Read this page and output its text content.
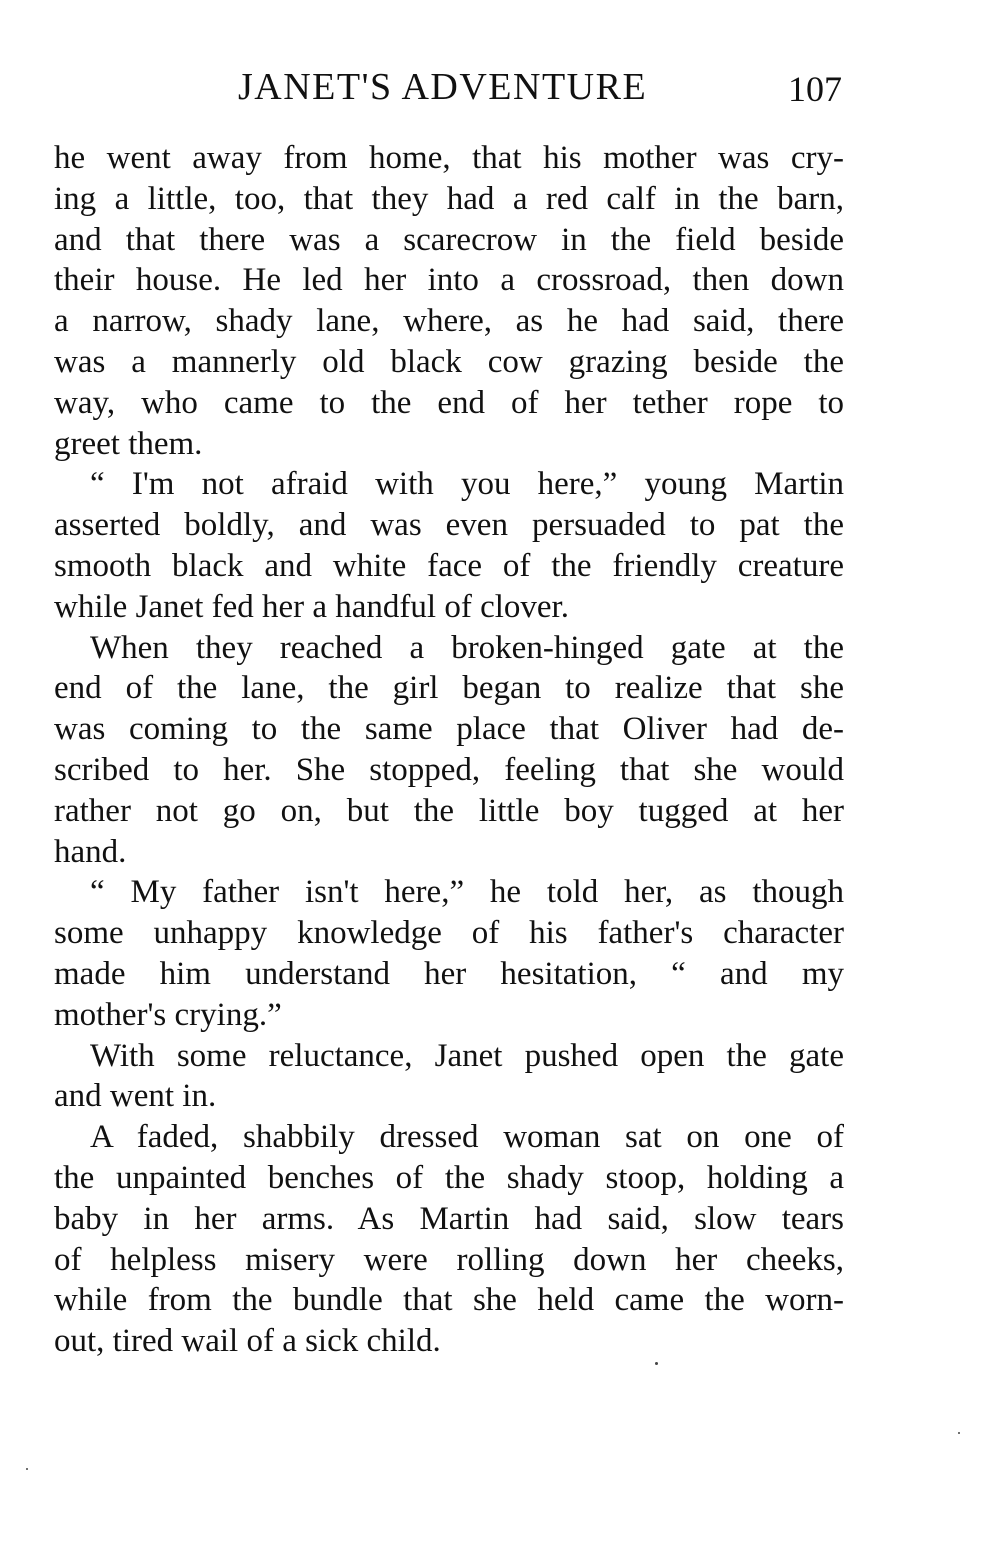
JANET'S ADVENTURE	107
he went away from home, that his mother was cry-
ing a little, too, that they had a red calf in the barn,
and that there was a scarecrow in the field beside
their house. He led her into a crossroad, then down
a narrow, shady lane, where, as he had said, there
was a mannerly old black cow grazing beside the
way, who came to the end of her tether rope to
greet them.
“ I'm not afraid with you here,” young Martin
asserted boldly, and was even persuaded to pat the
smooth black and white face of the friendly creature
while Janet fed her a handful of clover.
When they reached a broken-hinged gate at the
end of the lane, the girl began to realize that she
was coming to the same place that Oliver had de-
scribed to her. She stopped, feeling that she would
rather not go on, but the little boy tugged at her
hand.
“ My father isn't here,” he told her, as though
some unhappy knowledge of his father's character
made him understand her hesitation, “ and my
mother's crying.”
With some reluctance, Janet pushed open the gate
and went in.
A faded, shabbily dressed woman sat on one of
the unpainted benches of the shady stoop, holding a
baby in her arms. As Martin had said, slow tears
of helpless misery were rolling down her cheeks,
while from the bundle that she held came the worn-
out, tired wail of a sick child.
